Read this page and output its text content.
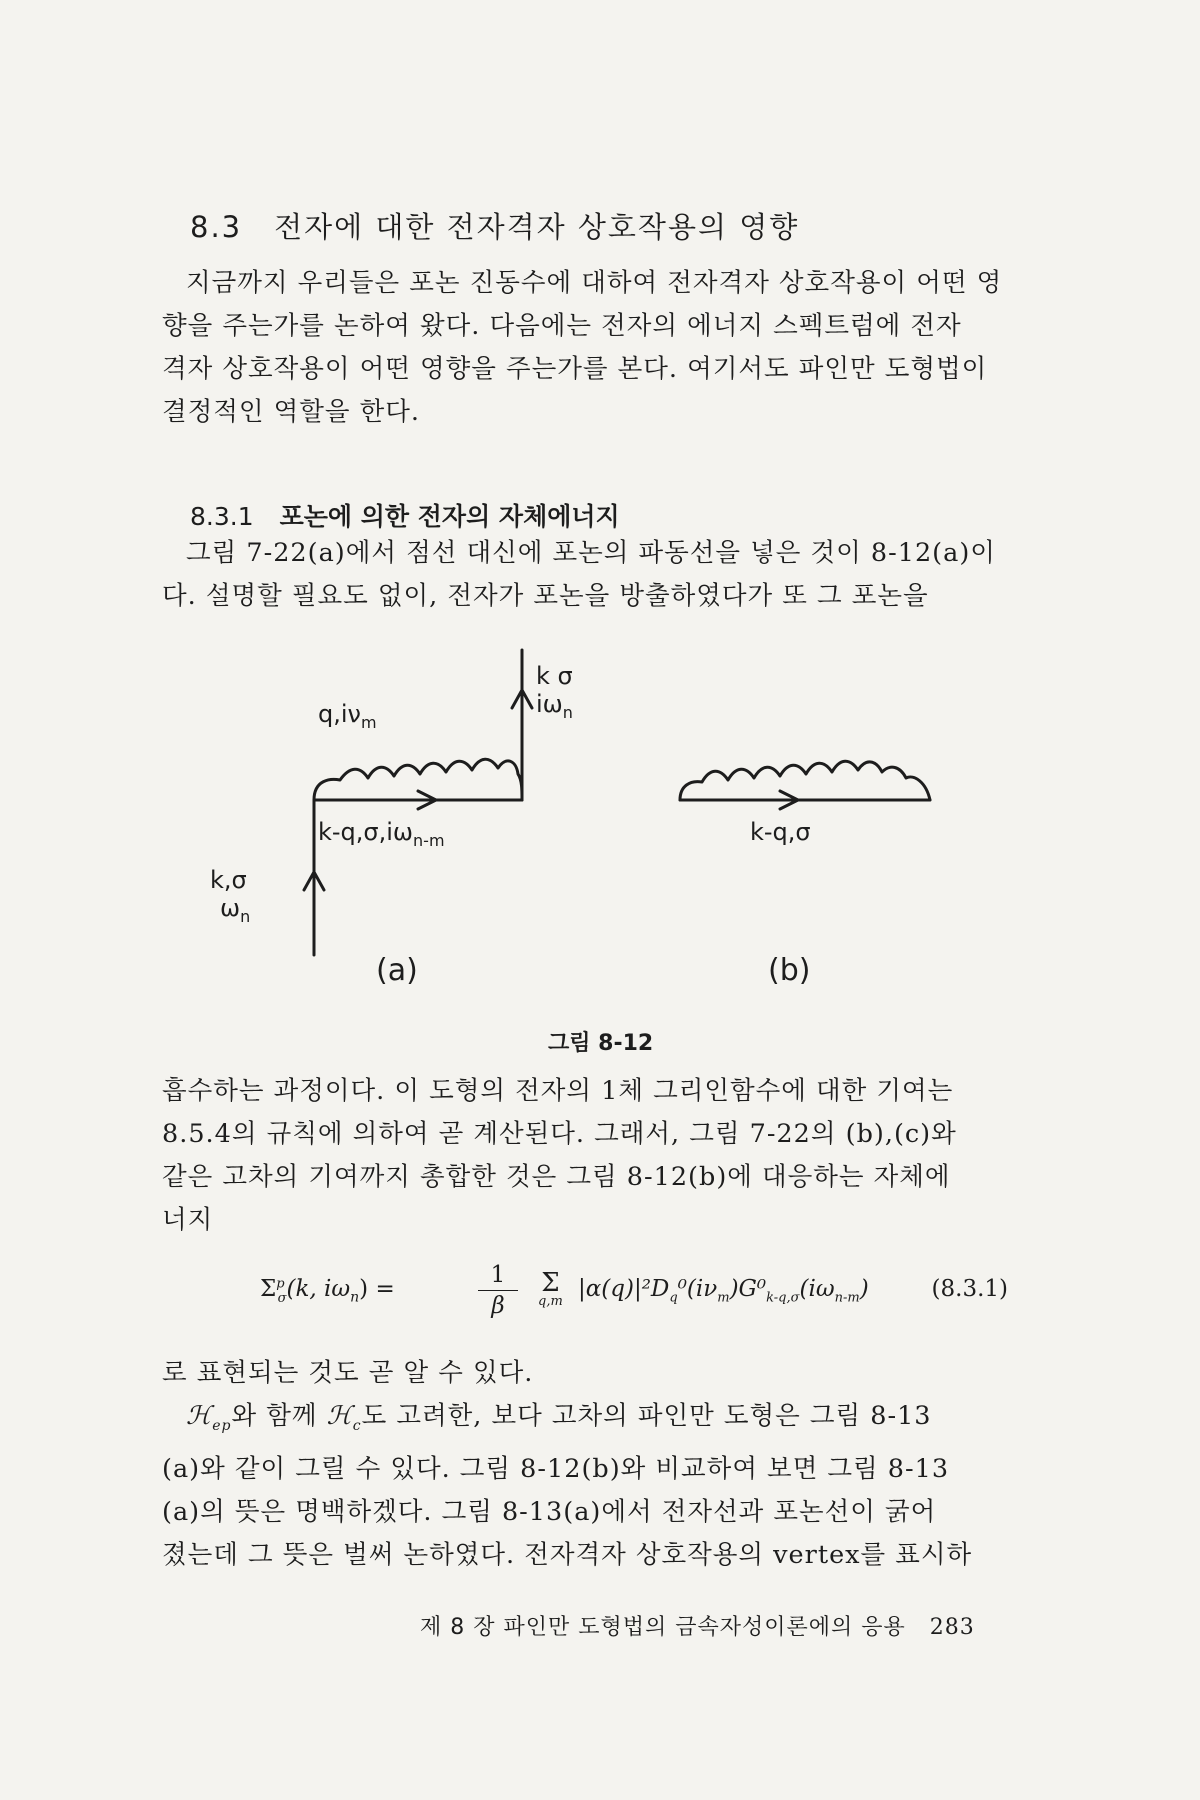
8.3 전자에 대한 전자격자 상호작용의 영향
지금까지 우리들은 포논 진동수에 대하여 전자격자 상호작용이 어떤 영
향을 주는가를 논하여 왔다. 다음에는 전자의 에너지 스펙트럼에 전자
격자 상호작용이 어떤 영향을 주는가를 본다. 여기서도 파인만 도형법이
결정적인 역할을 한다.
8.3.1 포논에 의한 전자의 자체에너지
그림 7-22(a)에서 점선 대신에 포논의 파동선을 넣은 것이 8-12(a)이
다. 설명할 필요도 없이, 전자가 포논을 방출하였다가 또 그 포논을
k σ
$i\omega_n$
$q,i\nu_m$
$k-q,\sigma,i\omega_{n-m}$
k,σ
$\omega_n$
(a)
k-q,σ
(b)
그림 8-12
흡수하는 과정이다. 이 도형의 전자의 1체 그리인함수에 대한 기여는
8.5.4의 규칙에 의하여 곧 계산된다. 그래서, 그림 7-22의 (b),(c)와
같은 고차의 기여까지 총합한 것은 그림 8-12(b)에 대응하는 자체에
너지
$\Sigma^p_\sigma(k$, $i\omega_n$) =
1
β
Σ
q,m $|\alpha(q)|^2D_q^0(i\nu_m)G^0_{k-q,\sigma}(i\omega_{n-m})$	(8.3.1)
로 표현되는 것도 곧 알 수 있다.
ℋ$_{ep}$와 함께 ℋ$_c$도 고려한, 보다 고차의 파인만 도형은 그림 8-13
(a)와 같이 그릴 수 있다. 그림 8-12(b)와 비교하여 보면 그림 8-13
(a)의 뜻은 명백하겠다. 그림 8-13(a)에서 전자선과 포논선이 굵어
졌는데 그 뜻은 벌써 논하였다. 전자격자 상호작용의 vertex를 표시하
제 8 장 파인만 도형법의 금속자성이론에의 응용 283
